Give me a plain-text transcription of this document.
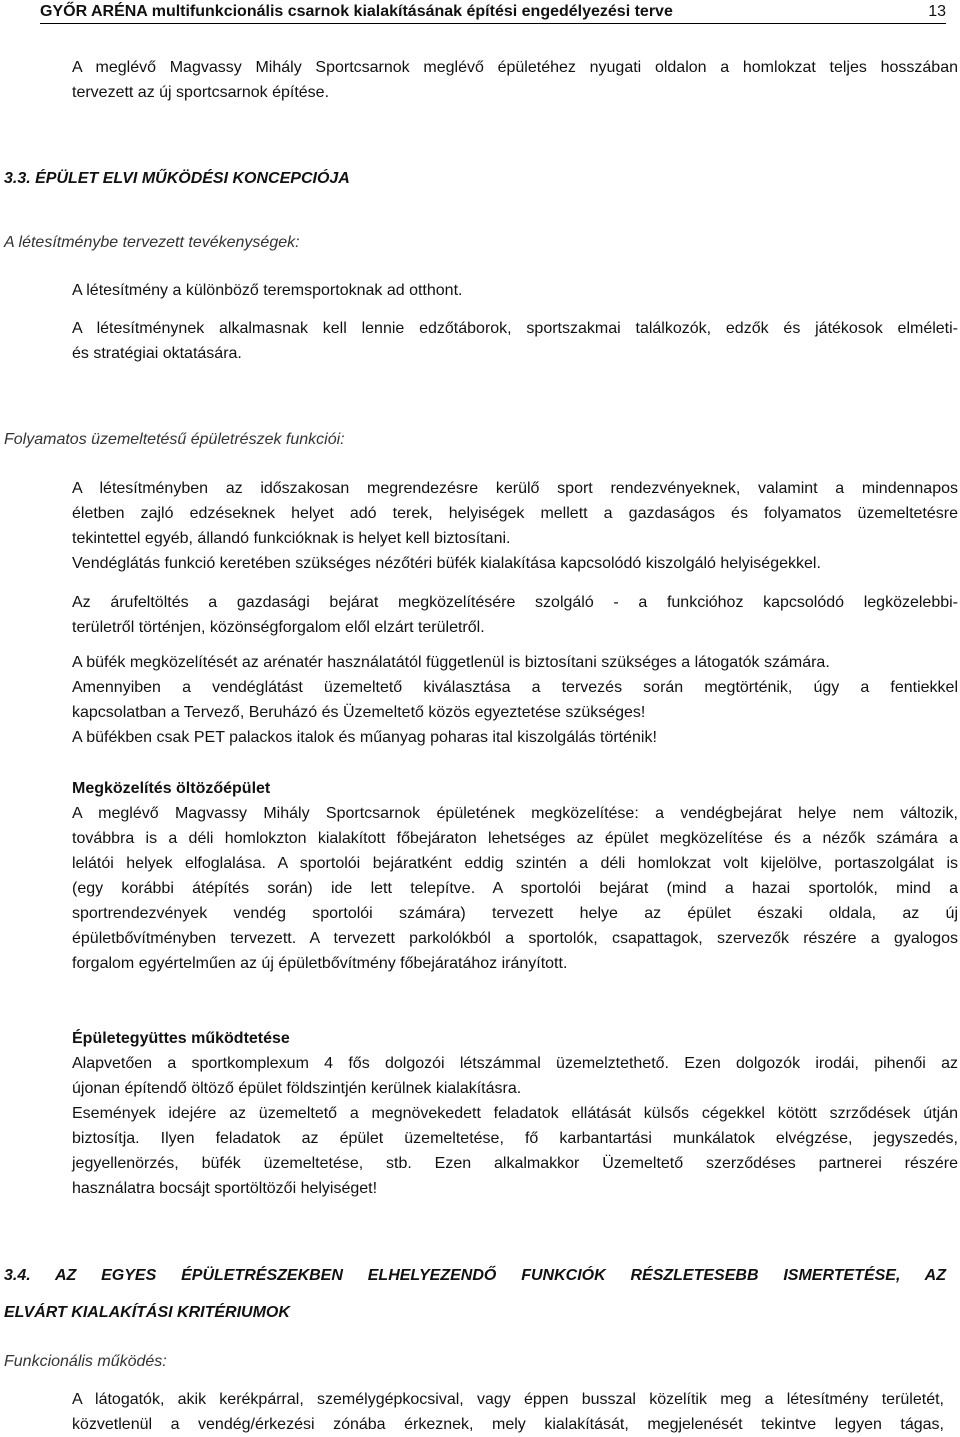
GYŐR ARÉNA multifunkcionális csarnok kialakításának építési engedélyezési terve	13
A meglévő Magvassy Mihály Sportcsarnok meglévő épületéhez nyugati oldalon a homlokzat teljes hosszában
tervezett az új sportcsarnok építése.
3.3. ÉPÜLET ELVI MŰKÖDÉSI KONCEPCIÓJA
A létesítménybe tervezett tevékenységek:
A létesítmény a különböző teremsportoknak ad otthont.
A létesítménynek alkalmasnak kell lennie edzőtáborok, sportszakmai találkozók, edzők és játékosok elméleti-
és stratégiai oktatására.
Folyamatos üzemeltetésű épületrészek funkciói:
A létesítményben az időszakosan megrendezésre kerülő sport rendezvényeknek, valamint a mindennapos
életben zajló edzéseknek helyet adó terek, helyiségek mellett a gazdaságos és folyamatos üzemeltetésre
tekintettel egyéb, állandó funkcióknak is helyet kell biztosítani.
Vendéglátás funkció keretében szükséges nézőtéri büfék kialakítása kapcsolódó kiszolgáló helyiségekkel.
Az árufeltöltés a gazdasági bejárat megközelítésére szolgáló - a funkcióhoz kapcsolódó legközelebbi-
területről történjen, közönségforgalom elől elzárt területről.
A büfék megközelítését az arénatér használatától függetlenül is biztosítani szükséges a látogatók számára.
Amennyiben a vendéglátást üzemeltető kiválasztása a tervezés során megtörténik, úgy a fentiekkel
kapcsolatban a Tervező, Beruházó és Üzemeltető közös egyeztetése szükséges!
A büfékben csak PET palackos italok és műanyag poharas ital kiszolgálás történik!
Megközelítés öltözőépület
A meglévő Magvassy Mihály Sportcsarnok épületének megközelítése: a vendégbejárat helye nem változik,
továbbra is a déli homlokzton kialakított főbejáraton lehetséges az épület megközelítése és a nézők számára a
lelátói helyek elfoglalása. A sportolói bejáratként eddig szintén a déli homlokzat volt kijelölve, portaszolgálat is
(egy korábbi átépítés során) ide lett telepítve. A sportolói bejárat (mind a hazai sportolók, mind a
sportrendezvények vendég sportolói számára) tervezett helye az épület északi oldala, az új
épületbővítményben tervezett. A tervezett parkolókból a sportolók, csapattagok, szervezők részére a gyalogos
forgalom egyértelműen az új épületbővítmény főbejáratához irányított.
Épületegyüttes működtetése
Alapvetően a sportkomplexum 4 fős dolgozói létszámmal üzemelztethető. Ezen dolgozók irodái, pihenői az
újonan építendő öltöző épület földszintjén kerülnek kialakításra.
Események idejére az üzemeltető a megnövekedett feladatok ellátását külsős cégekkel kötött szrződések útján
biztosítja. Ilyen feladatok az épület üzemeltetése, fő karbantartási munkálatok elvégzése, jegyszedés,
jegyellenörzés, büfék üzemeltetése, stb. Ezen alkalmakkor Üzemeltető szerződéses partnerei részére
használatra bocsájt sportöltözői helyiséget!
3.4. AZ EGYES ÉPÜLETRÉSZEKBEN ELHELYEZENDŐ FUNKCIÓK RÉSZLETESEBB ISMERTETÉSE, AZ
ELVÁRT KIALAKÍTÁSI KRITÉRIUMOK
Funkcionális működés:
A látogatók, akik kerékpárral, személygépkocsival, vagy éppen busszal közelítik meg a létesítmény területét,
közvetlenül a vendég/érkezési zónába érkeznek, mely kialakítását, megjelenését tekintve legyen tágas,
